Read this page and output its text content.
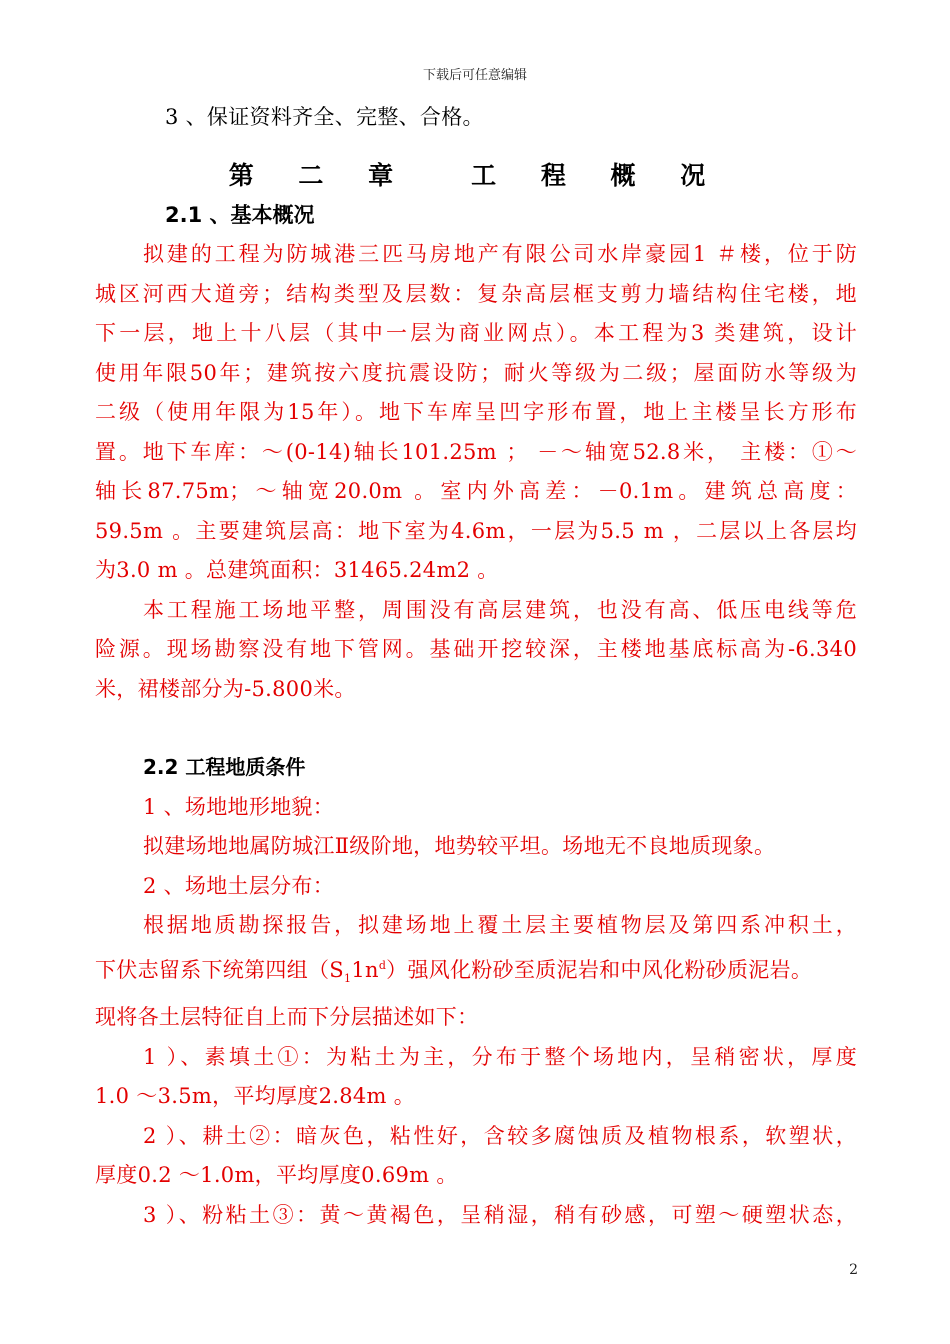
下载后可任意编辑
3 、保证资料齐全、完整、合格。
第 二 章 工 程 概 况
2.1 、基本概况
拟建的工程为防城港三匹马房地产有限公司水岸豪园1 ＃楼，位于防
城区河西大道旁；结构类型及层数：复杂高层框支剪力墙结构住宅楼，地
下一层，地上十八层（其中一层为商业网点）。本工程为3 类建筑，设计
使用年限50年；建筑按六度抗震设防；耐火等级为二级；屋面防水等级为
二级（使用年限为15年）。地下车库呈凹字形布置，地上主楼呈长方形布
置。地下车库：～(0-14)轴长101.25m ； －～轴宽52.8米， 主楼：①～
轴长87.75m；～轴宽20.0m 。室内外高差：－0.1m。建筑总高度：
59.5m 。主要建筑层高：地下室为4.6m，一层为5.5 m ，二层以上各层均
为3.0 m 。总建筑面积：31465.24m2 。
本工程施工场地平整，周围没有高层建筑，也没有高、低压电线等危
险源。现场勘察没有地下管网。基础开挖较深，主楼地基底标高为-6.340
米，裙楼部分为-5.800米。
2.2 工程地质条件
1 、场地地形地貌：
拟建场地地属防城江Ⅱ级阶地，地势较平坦。场地无不良地质现象。
2 、场地土层分布：
根据地质勘探报告，拟建场地上覆土层主要植物层及第四系冲积土，
下伏志留系下统第四组$(S_11n^d)$强风化粉砂至质泥岩和中风化粉砂质泥岩。
现将各土层特征自上而下分层描述如下：
1 ）、素填土①：为粘土为主，分布于整个场地内，呈稍密状，厚度
1.0 ～3.5m，平均厚度2.84m 。
2 ）、耕土②：暗灰色，粘性好，含较多腐蚀质及植物根系，软塑状，
厚度0.2 ～1.0m，平均厚度0.69m 。
3 ）、粉粘土③：黄～黄褐色，呈稍湿，稍有砂感，可塑～硬塑状态，
2
